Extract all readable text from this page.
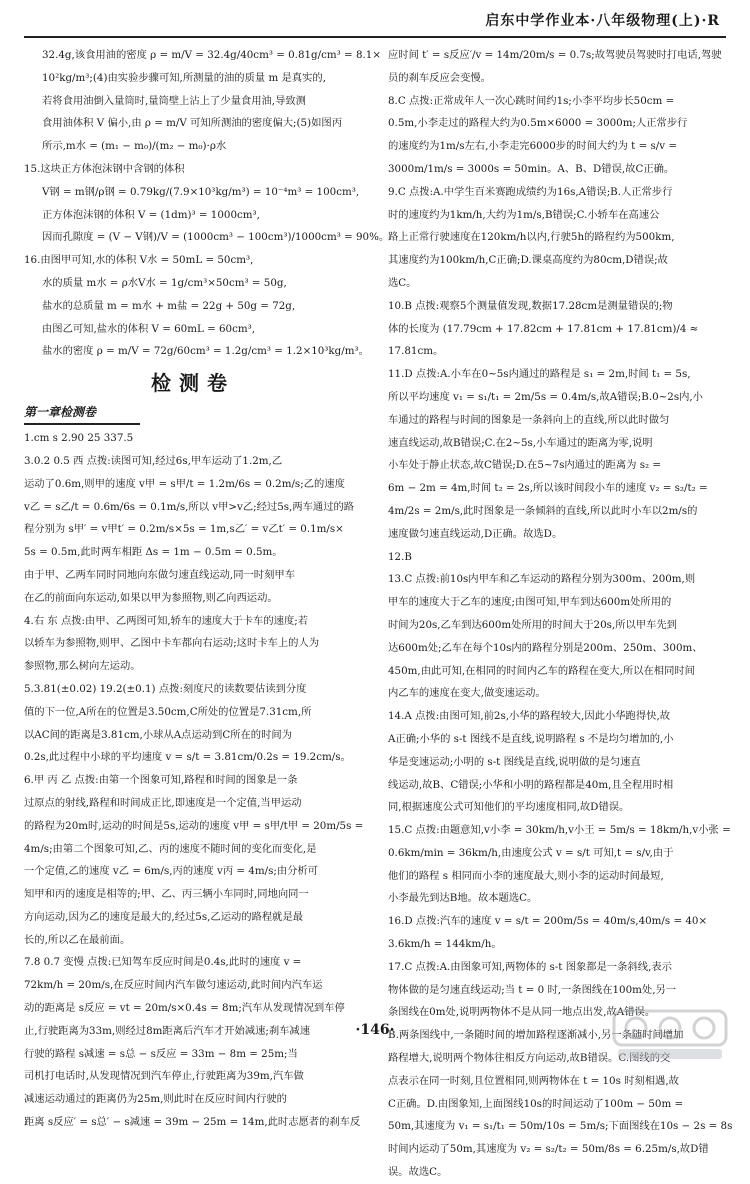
启东中学作业本·八年级物理(上)·R
32.4g,该食用油的密度 ρ = m/V = 32.4g/40cm³ = 0.81g/cm³ = 8.1×
10²kg/m³;(4)由实验步骤可知,所测量的油的质量 m 是真实的,
若将食用油倒入量筒时,量筒壁上沾上了少量食用油,导致测
食用油体积 V 偏小,由 ρ = m/V 可知所测油的密度偏大;(5)如图丙
所示,m水 = (m₁ − m₀)/(m₂ − m₀)·ρ水
15.这块正方体泡沫钢中含钢的体积
V钢 = m钢/ρ钢 = 0.79kg/(7.9×10³kg/m³) = 10⁻⁴m³ = 100cm³,
正方体泡沫钢的体积 V = (1dm)³ = 1000cm³,
因而孔隙度 = (V − V钢)/V = (1000cm³ − 100cm³)/1000cm³ = 90%。
16.由图甲可知,水的体积 V水 = 50mL = 50cm³,
水的质量 m水 = ρ水V水 = 1g/cm³×50cm³ = 50g,
盐水的总质量 m = m水 + m盐 = 22g + 50g = 72g,
由图乙可知,盐水的体积 V = 60mL = 60cm³,
盐水的密度 ρ = m/V = 72g/60cm³ = 1.2g/cm³ = 1.2×10³kg/m³。
检测卷
第一章检测卷
1.cm s 2.90 25 337.5
3.0.2 0.5 西 点拨:读图可知,经过6s,甲车运动了1.2m,乙
运动了0.6m,则甲的速度 v甲 = s甲/t = 1.2m/6s = 0.2m/s;乙的速度
v乙 = s乙/t = 0.6m/6s = 0.1m/s,所以 v甲>v乙;经过5s,两车通过的路
程分别为 s甲′ = v甲t′ = 0.2m/s×5s = 1m,s乙′ = v乙t′ = 0.1m/s×
5s = 0.5m,此时两车相距 Δs = 1m − 0.5m = 0.5m。
由于甲、乙两车同时同地向东做匀速直线运动,同一时刻甲车
在乙的前面向东运动,如果以甲为参照物,则乙向西运动。
4.右 东 点拨:由甲、乙两图可知,轿车的速度大于卡车的速度;若
以轿车为参照物,则甲、乙图中卡车都向右运动;这时卡车上的人为
参照物,那么树向左运动。
5.3.81(±0.02) 19.2(±0.1) 点拨:刻度尺的读数要估读到分度
值的下一位,A所在的位置是3.50cm,C所处的位置是7.31cm,所
以AC间的距离是3.81cm,小球从A点运动到C所在的时间为
0.2s,此过程中小球的平均速度 v = s/t = 3.81cm/0.2s = 19.2cm/s。
6.甲 丙 乙 点拨:由第一个图象可知,路程和时间的图象是一条
过原点的射线,路程和时间成正比,即速度是一个定值,当甲运动
的路程为20m时,运动的时间是5s,运动的速度 v甲 = s甲/t甲 = 20m/5s =
4m/s;由第二个图象可知,乙、丙的速度不随时间的变化而变化,是
一个定值,乙的速度 v乙 = 6m/s,丙的速度 v丙 = 4m/s;由分析可
知甲和丙的速度是相等的;甲、乙、丙三辆小车同时,同地向同一
方向运动,因为乙的速度是最大的,经过5s,乙运动的路程就是最
长的,所以乙在最前面。
7.8 0.7 变慢 点拨:已知驾车反应时间是0.4s,此时的速度 v =
72km/h = 20m/s,在反应时间内汽车做匀速运动,此时间内汽车运
动的距离是 s反应 = vt = 20m/s×0.4s = 8m;汽车从发现情况到车停
止,行驶距离为33m,则经过8m距离后汽车才开始减速;刹车减速
行驶的路程 s减速 = s总 − s反应 = 33m − 8m = 25m;当
司机打电话时,从发现情况到汽车停止,行驶距离为39m,汽车做
减速运动通过的距离仍为25m,则此时在反应时间内行驶的
距离 s反应′ = s总′ − s减速 = 39m − 25m = 14m,此时志愿者的刹车反
应时间 t′ = s反应′/v = 14m/20m/s = 0.7s;故驾驶员驾驶时打电话,驾驶
员的刹车反应会变慢。
8.C 点拨:正常成年人一次心跳时间约1s;小李平均步长50cm =
0.5m,小李走过的路程大约为0.5m×6000 = 3000m;人正常步行
的速度约为1m/s左右,小李走完6000步的时间大约为 t = s/v =
3000m/1m/s = 3000s = 50min。A、B、D错误,故C正确。
9.C 点拨:A.中学生百米赛跑成绩约为16s,A错误;B.人正常步行
时的速度约为1km/h,大约为1m/s,B错误;C.小轿车在高速公
路上正常行驶速度在120km/h以内,行驶5h的路程约为500km,
其速度约为100km/h,C正确;D.课桌高度约为80cm,D错误;故
选C。
10.B 点拨:观察5个测量值发现,数据17.28cm是测量错误的;物
体的长度为 (17.79cm + 17.82cm + 17.81cm + 17.81cm)/4 ≈
17.81cm。
11.D 点拨:A.小车在0~5s内通过的路程是 s₁ = 2m,时间 t₁ = 5s,
所以平均速度 v₁ = s₁/t₁ = 2m/5s = 0.4m/s,故A错误;B.0~2s内,小
车通过的路程与时间的图象是一条斜向上的直线,所以此时做匀
速直线运动,故B错误;C.在2~5s,小车通过的距离为零,说明
小车处于静止状态,故C错误;D.在5~7s内通过的距离为 s₂ =
6m − 2m = 4m,时间 t₂ = 2s,所以该时间段小车的速度 v₂ = s₂/t₂ =
4m/2s = 2m/s,此时图象是一条倾斜的直线,所以此时小车以2m/s的
速度做匀速直线运动,D正确。故选D。
12.B
13.C 点拨:前10s内甲车和乙车运动的路程分别为300m、200m,则
甲车的速度大于乙车的速度;由图可知,甲车到达600m处所用的
时间为20s,乙车到达600m处所用的时间大于20s,所以甲车先到
达600m处;乙车在每个10s内的路程分别是200m、250m、300m、
450m,由此可知,在相同的时间内乙车的路程在变大,所以在相同时间
内乙车的速度在变大,做变速运动。
14.A 点拨:由图可知,前2s,小华的路程较大,因此小华跑得快,故
A正确;小华的 s-t 图线不是直线,说明路程 s 不是均匀增加的,小
华是变速运动;小明的 s-t 图线是直线,说明做的是匀速直
线运动,故B、C错误;小华和小明的路程都是40m,且全程用时相
同,根据速度公式可知他们的平均速度相同,故D错误。
15.C 点拨:由题意知,v小李 = 30km/h,v小王 = 5m/s = 18km/h,v小张 =
0.6km/min = 36km/h,由速度公式 v = s/t 可知,t = s/v,由于
他们的路程 s 相同而小李的速度最大,则小李的运动时间最短,
小李最先到达B地。故本题选C。
16.D 点拨:汽车的速度 v = s/t = 200m/5s = 40m/s,40m/s = 40×
3.6km/h = 144km/h。
17.C 点拨:A.由图象可知,两物体的 s-t 图象都是一条斜线,表示
物体做的是匀速直线运动;当 t = 0 时,一条图线在100m处,另一
条图线在0m处,说明两物体不是从同一地点出发,故A错误。
B.两条图线中,一条随时间的增加路程逐渐减小,另一条随时间增加
路程增大,说明两个物体往相反方向运动,故B错误。C.图线的交
点表示在同一时刻,且位置相同,则两物体在 t = 10s 时刻相遇,故
C正确。D.由图象知,上面图线10s的时间运动了100m − 50m =
50m,其速度为 v₁ = s₁/t₁ = 50m/10s = 5m/s;下面图线在10s − 2s = 8s
时间内运动了50m,其速度为 v₂ = s₂/t₂ = 50m/8s = 6.25m/s,故D错
误。故选C。
·146·
